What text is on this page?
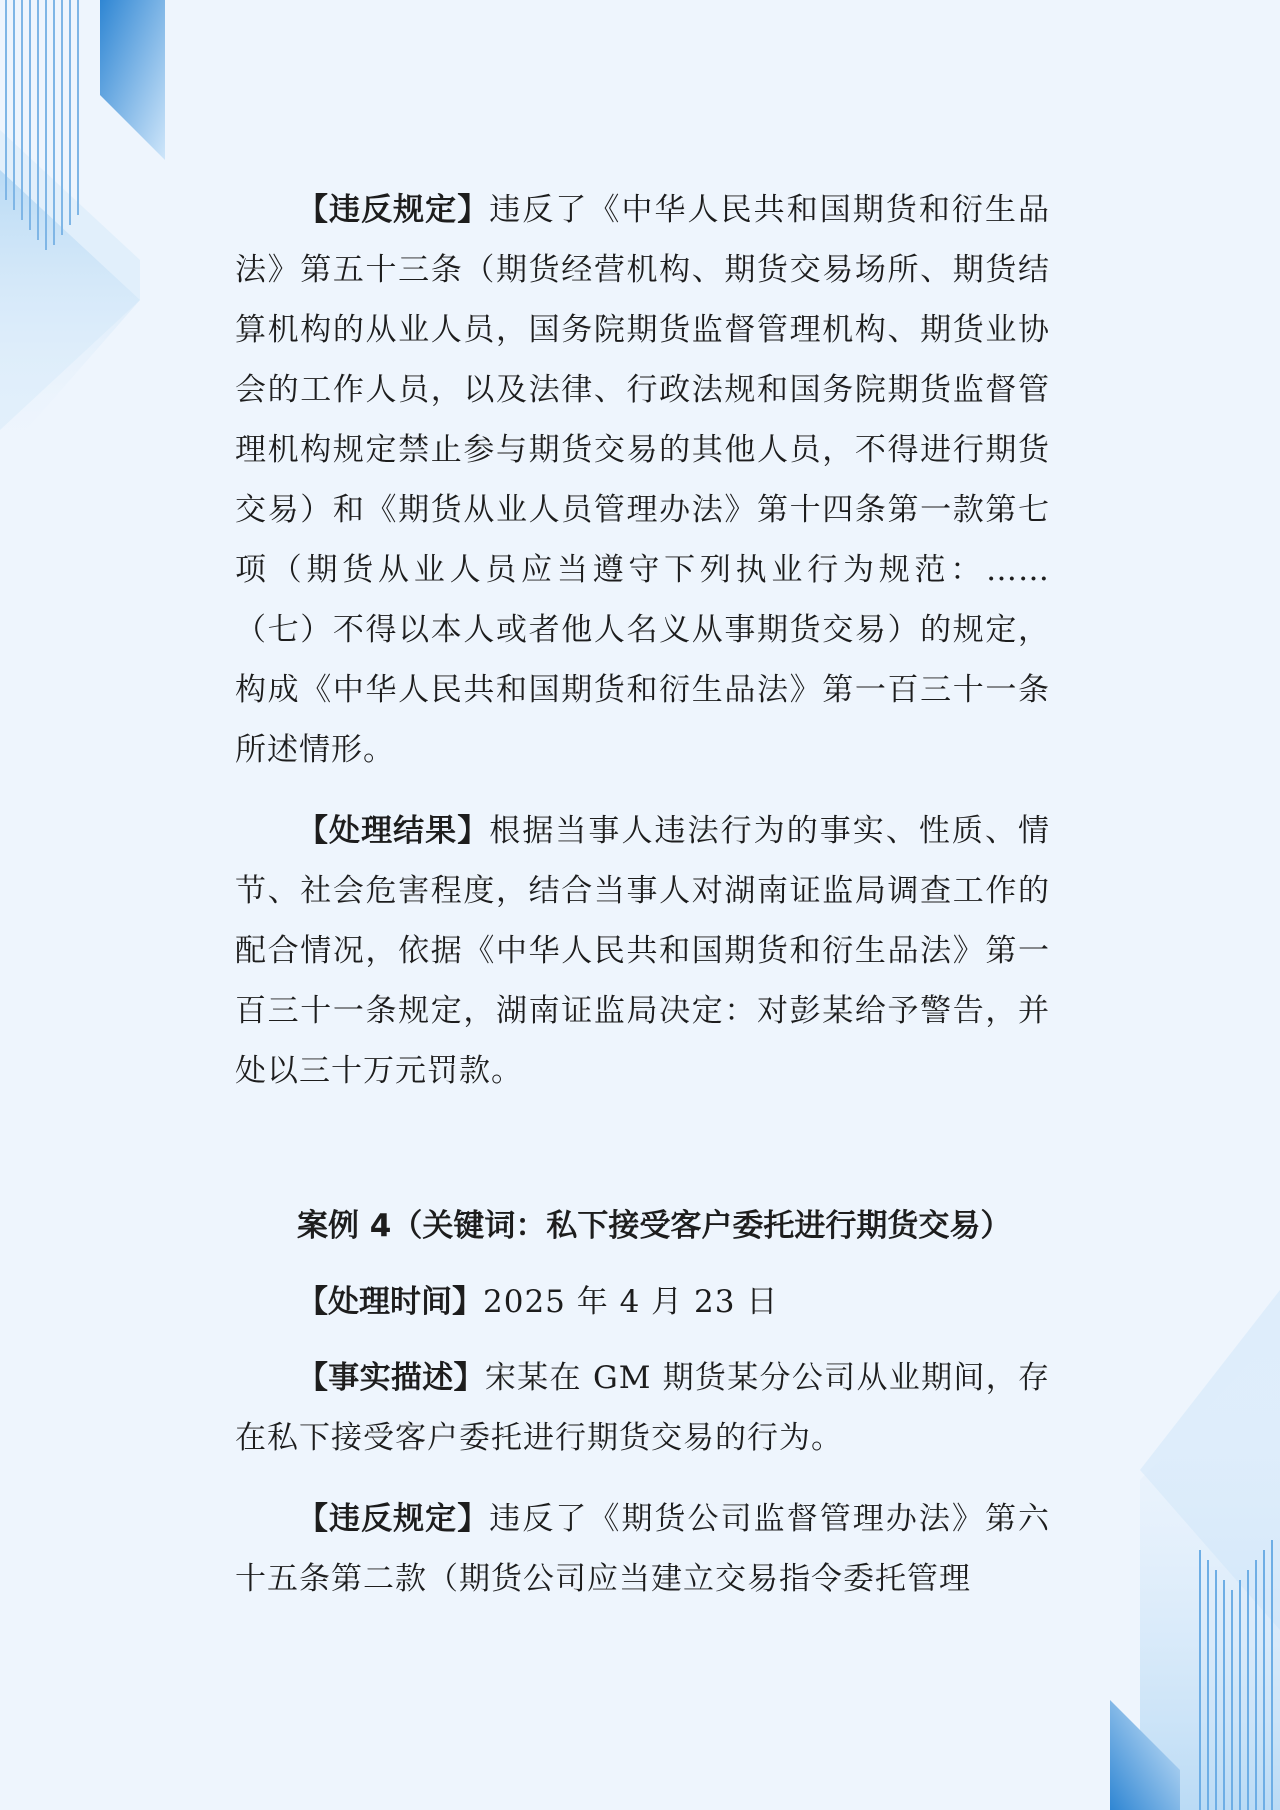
【违反规定】违反了《中华人民共和国期货和衍生品法》第五十三条（期货经营机构、期货交易场所、期货结算机构的从业人员，国务院期货监督管理机构、期货业协会的工作人员，以及法律、行政法规和国务院期货监督管理机构规定禁止参与期货交易的其他人员，不得进行期货交易）和《期货从业人员管理办法》第十四条第一款第七项（期货从业人员应当遵守下列执业行为规范：……（七）不得以本人或者他人名义从事期货交易）的规定，构成《中华人民共和国期货和衍生品法》第一百三十一条所述情形。

【处理结果】根据当事人违法行为的事实、性质、情节、社会危害程度，结合当事人对湖南证监局调查工作的配合情况，依据《中华人民共和国期货和衍生品法》第一百三十一条规定，湖南证监局决定：对彭某给予警告，并处以三十万元罚款。

案例 4（关键词：私下接受客户委托进行期货交易）

【处理时间】2025 年 4 月 23 日

【事实描述】宋某在 GM 期货某分公司从业期间，存在私下接受客户委托进行期货交易的行为。

【违反规定】违反了《期货公司监督管理办法》第六十五条第二款（期货公司应当建立交易指令委托管理
